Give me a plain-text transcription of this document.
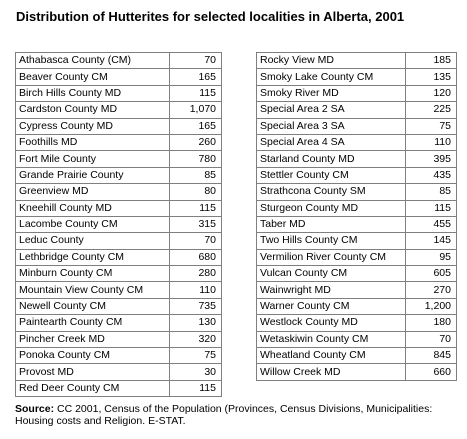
Distribution of Hutterites for selected localities in Alberta, 2001
Athabasca County (CM)	70
Beaver County CM	165
Birch Hills County MD	115
Cardston County MD	1,070
Cypress County MD	165
Foothills MD	260
Fort Mile County	780
Grande Prairie County	85
Greenview MD	80
Kneehill County MD	115
Lacombe County CM	315
Leduc County	70
Lethbridge County CM	680
Minburn County CM	280
Mountain View County CM	110
Newell County CM	735
Paintearth County CM	130
Pincher Creek MD	320
Ponoka County CM	75
Provost MD	30
Red Deer County CM	115
Rocky View MD	185
Smoky Lake County CM	135
Smoky River MD	120
Special Area 2 SA	225
Special Area 3 SA	75
Special Area 4 SA	110
Starland County MD	395
Stettler County CM	435
Strathcona County SM	85
Sturgeon County MD	115
Taber MD	455
Two Hills County CM	145
Vermilion River County CM	95
Vulcan County CM	605
Wainwright MD	270
Warner County CM	1,200
Westlock County MD	180
Wetaskiwin County CM	70
Wheatland County CM	845
Willow Creek MD	660
Source: CC 2001, Census of the Population (Provinces, Census Divisions, Municipalities: Housing costs and Religion. E-STAT.
